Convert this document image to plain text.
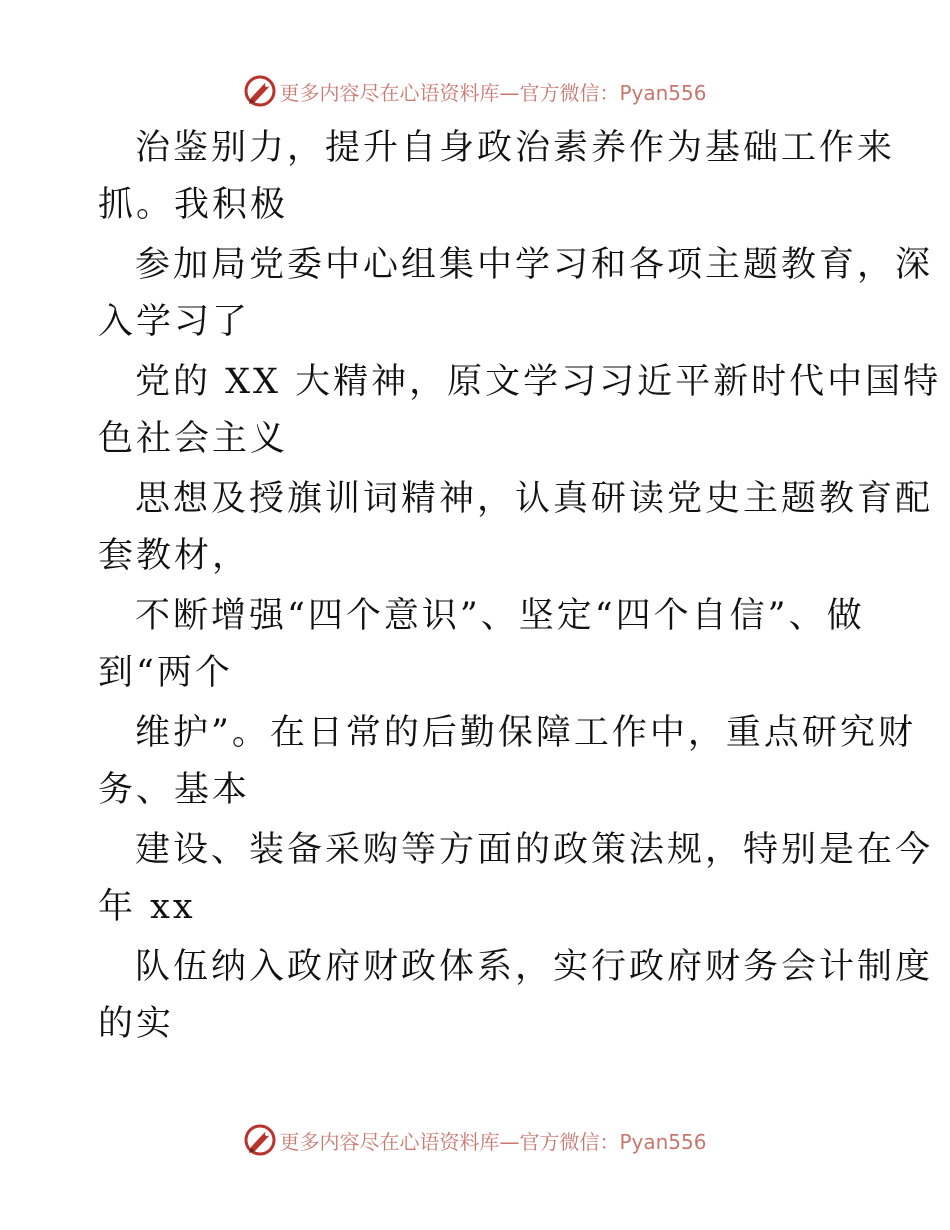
更多内容尽在心语资料库—官方微信：Pyan556
治鉴别力，提升自身政治素养作为基础工作来
抓。我积极
参加局党委中心组集中学习和各项主题教育，深
入学习了
党的 XX 大精神，原文学习习近平新时代中国特
色社会主义
思想及授旗训词精神，认真研读党史主题教育配
套教材，
不断增强“四个意识”、坚定“四个自信”、做
到“两个
维护”。在日常的后勤保障工作中，重点研究财
务、基本
建设、装备采购等方面的政策法规，特别是在今
年 xx
队伍纳入政府财政体系，实行政府财务会计制度
的实
更多内容尽在心语资料库—官方微信：Pyan556
